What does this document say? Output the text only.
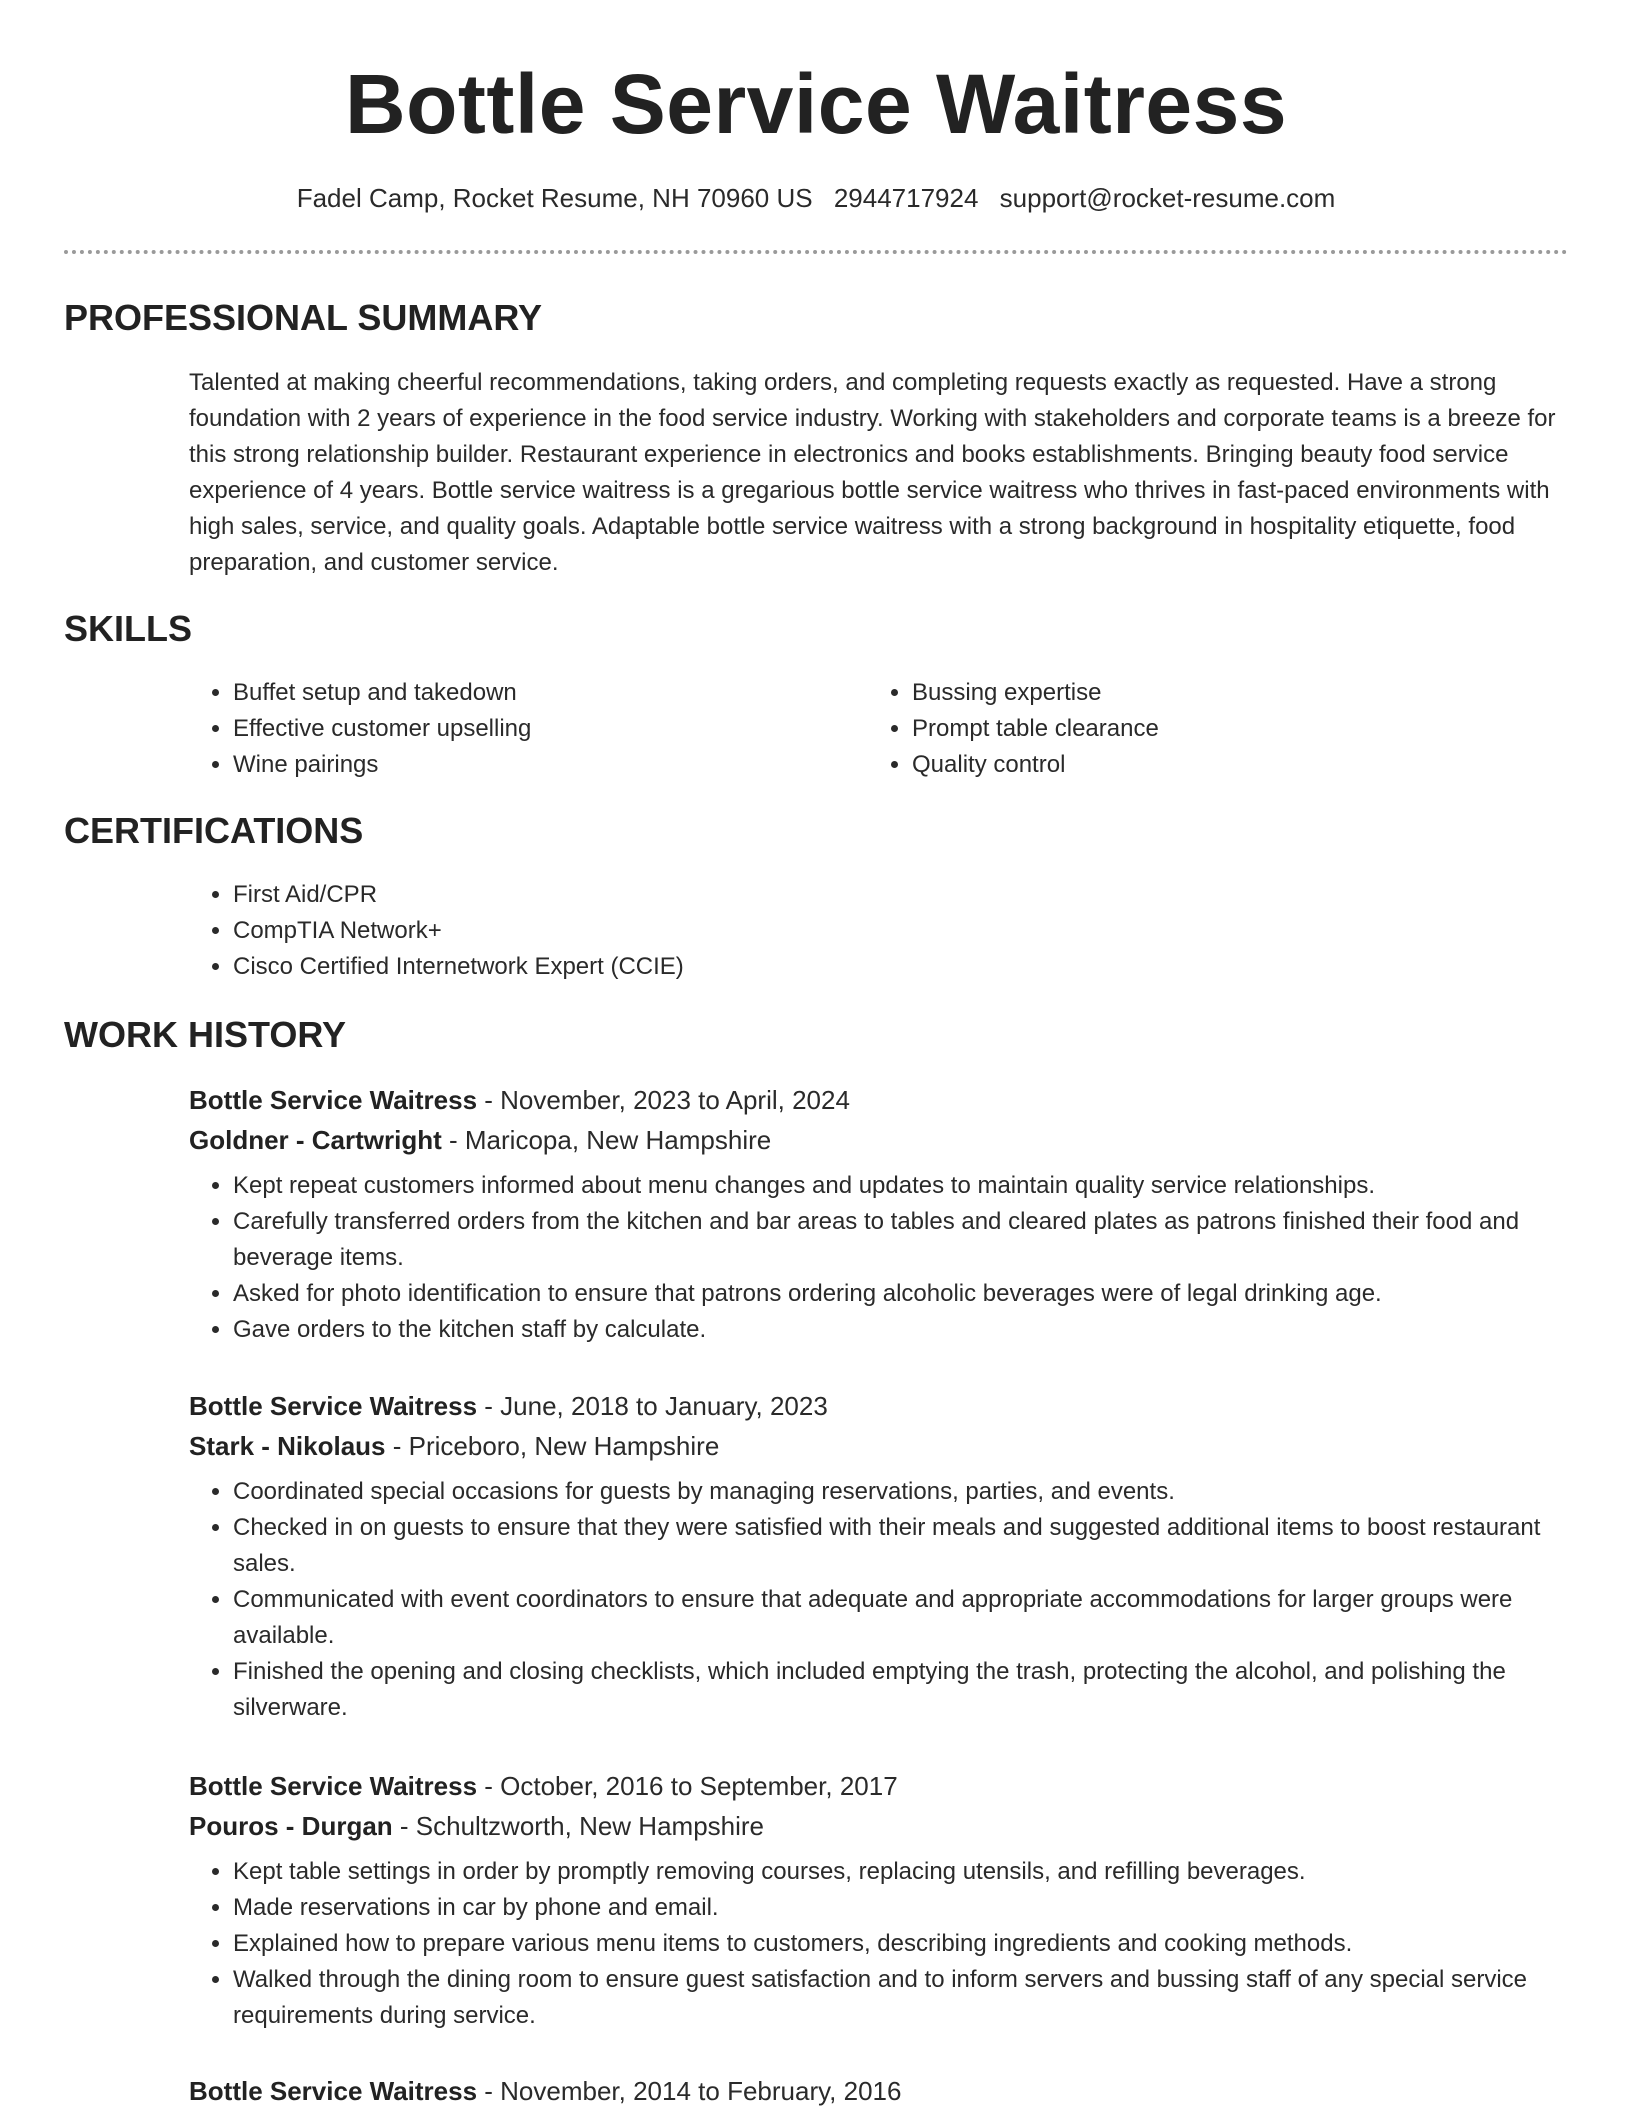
Bottle Service Waitress
Fadel Camp, Rocket Resume, NH 70960 US 2944717924 support@rocket-resume.com
PROFESSIONAL SUMMARY

Talented at making cheerful recommendations, taking orders, and completing requests exactly as requested. Have a strong foundation with 2 years of experience in the food service industry. Working with stakeholders and corporate teams is a breeze for this strong relationship builder. Restaurant experience in electronics and books establishments. Bringing beauty food service experience of 4 years. Bottle service waitress is a gregarious bottle service waitress who thrives in fast-paced environments with high sales, service, and quality goals. Adaptable bottle service waitress with a strong background in hospitality etiquette, food preparation, and customer service.

SKILLS
• Buffet setup and takedown
• Effective customer upselling
• Wine pairings
• Bussing expertise
• Prompt table clearance
• Quality control
CERTIFICATIONS
• First Aid/CPR
• CompTIA Network+
• Cisco Certified Internetwork Expert (CCIE)
WORK HISTORY
Bottle Service Waitress - November, 2023 to April, 2024
Goldner - Cartwright - Maricopa, New Hampshire
• Kept repeat customers informed about menu changes and updates to maintain quality service relationships.
• Carefully transferred orders from the kitchen and bar areas to tables and cleared plates as patrons finished their food and beverage items.
• Asked for photo identification to ensure that patrons ordering alcoholic beverages were of legal drinking age.
• Gave orders to the kitchen staff by calculate.
Bottle Service Waitress - June, 2018 to January, 2023
Stark - Nikolaus - Priceboro, New Hampshire
• Coordinated special occasions for guests by managing reservations, parties, and events.
• Checked in on guests to ensure that they were satisfied with their meals and suggested additional items to boost restaurant sales.
• Communicated with event coordinators to ensure that adequate and appropriate accommodations for larger groups were available.
• Finished the opening and closing checklists, which included emptying the trash, protecting the alcohol, and polishing the silverware.
Bottle Service Waitress - October, 2016 to September, 2017
Pouros - Durgan - Schultzworth, New Hampshire
• Kept table settings in order by promptly removing courses, replacing utensils, and refilling beverages.
• Made reservations in car by phone and email.
• Explained how to prepare various menu items to customers, describing ingredients and cooking methods.
• Walked through the dining room to ensure guest satisfaction and to inform servers and bussing staff of any special service requirements during service.
Bottle Service Waitress - November, 2014 to February, 2016
